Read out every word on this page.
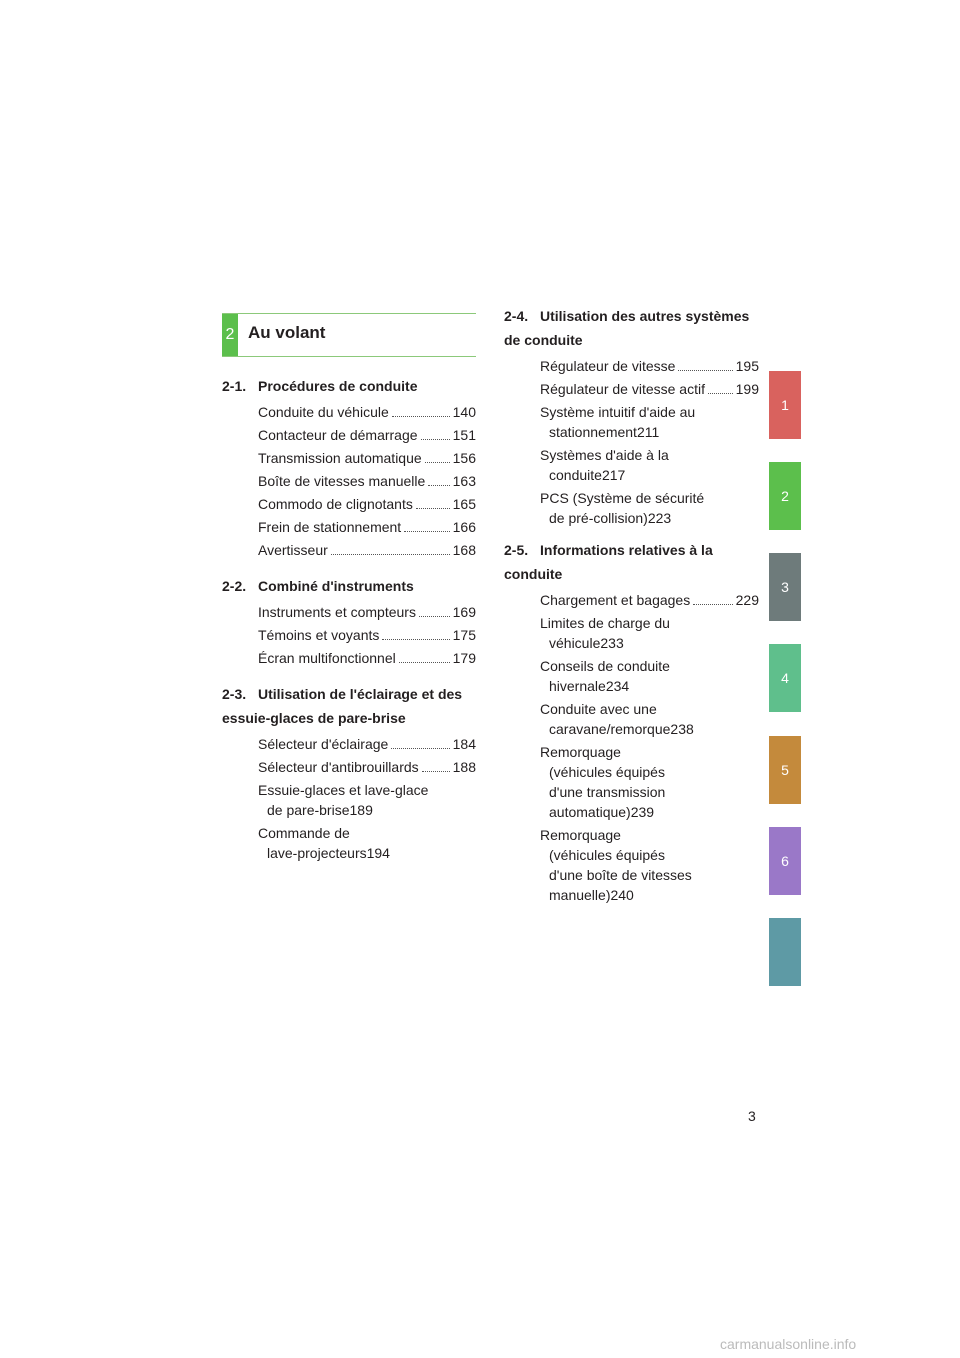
2 Au volant
2-1. Procédures de conduite
Conduite du véhicule	140
Contacteur de démarrage	151
Transmission automatique 156
Boîte de vitesses manuelle 163
Commodo de clignotants	165
Frein de stationnement	166
Avertisseur	168
2-2. Combiné d'instruments
Instruments et compteurs	169
Témoins et voyants	175
Écran multifonctionnel	179
2-3. Utilisation de l'éclairage et des
essuie-glaces de pare-brise
Sélecteur d'éclairage	184
Sélecteur d'antibrouillards 188
Essuie-glaces et lave-glace
de pare-brise 189
Commande de
lave-projecteurs 194
2-4. Utilisation des autres systèmes
de conduite
Régulateur de vitesse	195
Régulateur de vitesse actif 199
Système intuitif d'aide au
stationnement 211
Systèmes d'aide à la
conduite 217
PCS (Système de sécurité
de pré-collision) 223
2-5. Informations relatives à la
conduite
Chargement et bagages	229
Limites de charge du
véhicule 233
Conseils de conduite
hivernale 234
Conduite avec une
caravane/remorque 238
Remorquage
(véhicules équipés
d'une transmission
automatique) 239
Remorquage
(véhicules équipés
d'une boîte de vitesses
manuelle) 240
1
2
3
4
5
6
3
carmanualsonline.info
